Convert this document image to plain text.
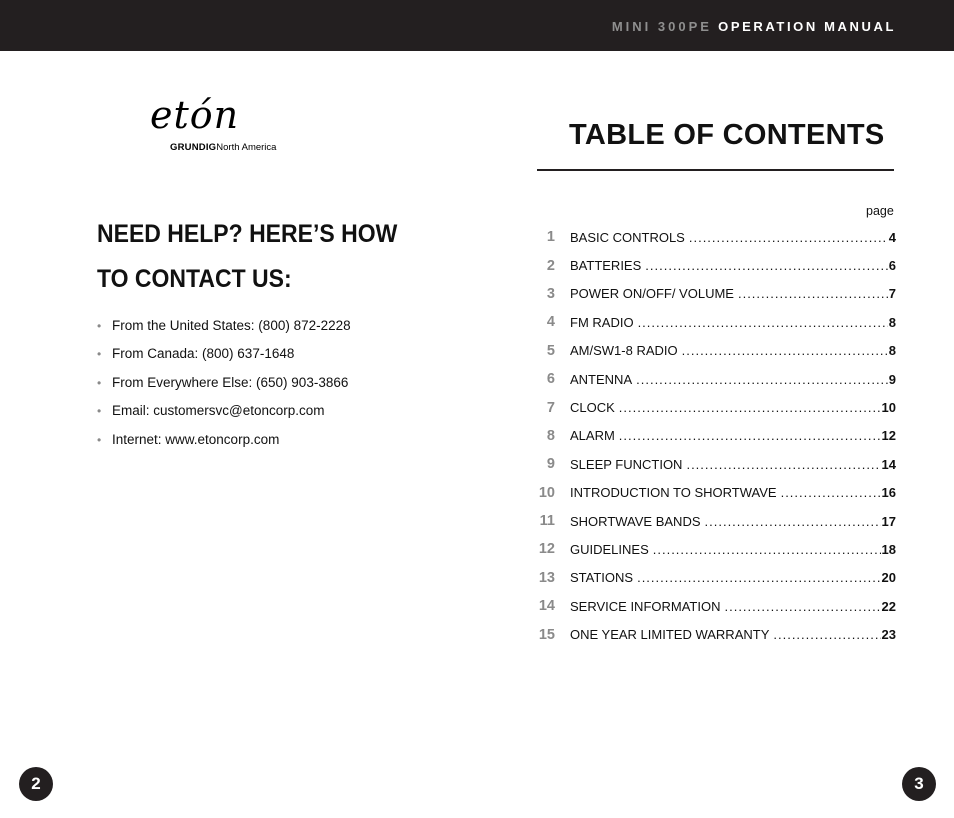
MINI 300PE OPERATION MANUAL
etón
GRUNDIGNorth America
NEED HELP? HERE’S HOW
TO CONTACT US:
• From the United States: (800) 872-2228
• From Canada: (800) 637-1648
• From Everywhere Else: (650) 903-3866
• Email: customersvc@etoncorp.com
• Internet: www.etoncorp.com
TABLE OF CONTENTS
page
1 BASIC CONTROLS .....	4
2 BATTERIES .....	6
3 POWER ON/OFF/ VOLUME .....	7
4 FM RADIO .....	8
5 AM/SW1-8 RADIO .....	8
6 ANTENNA .....	9
7 CLOCK .....	10
8 ALARM .....	12
9 SLEEP FUNCTION .....	14
10 INTRODUCTION TO SHORTWAVE .....	16
11 SHORTWAVE BANDS .....	17
12 GUIDELINES .....	18
13 STATIONS .....	20
14 SERVICE INFORMATION .....	22
15 ONE YEAR LIMITED WARRANTY .....	23
2	3
